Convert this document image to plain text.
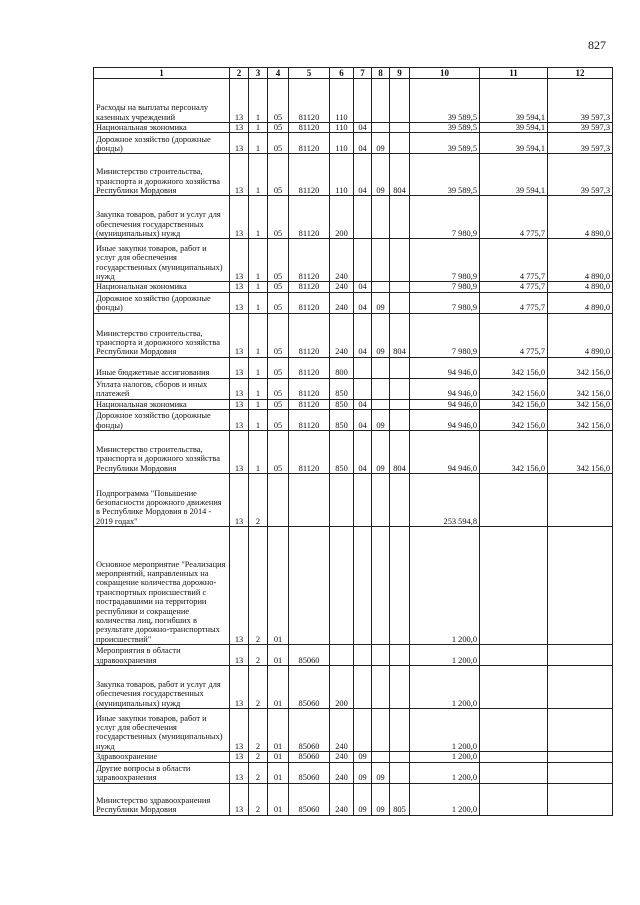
827
1	2	3	4	5	6	7	8	9	10	11	12
Расходы на выплаты персоналу казенных учреждений	13	1	05	81120	110				39 589,5	39 594,1	39 597,3
Национальная экономика	13	1	05	81120	110	04			39 589,5	39 594,1	39 597,3
Дорожное хозяйство (дорожные фонды)	13	1	05	81120	110	04	09		39 589,5	39 594,1	39 597,3
Министерство строительства, транспорта и дорожного хозяйства Республики Мордовия	13	1	05	81120	110	04	09	804	39 589,5	39 594,1	39 597,3
Закупка товаров, работ и услуг для обеспечения государственных (муниципальных) нужд	13	1	05	81120	200				7 980,9	4 775,7	4 890,0
Иные закупки товаров, работ и услуг для обеспечения государственных (муниципальных) нужд	13	1	05	81120	240				7 980,9	4 775,7	4 890,0
Национальная экономика	13	1	05	81120	240	04			7 980,9	4 775,7	4 890,0
Дорожное хозяйство (дорожные фонды)	13	1	05	81120	240	04	09		7 980,9	4 775,7	4 890,0
Министерство строительства, транспорта и дорожного хозяйства Республики Мордовия	13	1	05	81120	240	04	09	804	7 980,9	4 775,7	4 890,0
Иные бюджетные ассигнования	13	1	05	81120	800				94 946,0	342 156,0	342 156,0
Уплата налогов, сборов и иных платежей	13	1	05	81120	850				94 946,0	342 156,0	342 156,0
Национальная экономика	13	1	05	81120	850	04			94 946,0	342 156,0	342 156,0
Дорожное хозяйство (дорожные фонды)	13	1	05	81120	850	04	09		94 946,0	342 156,0	342 156,0
Министерство строительства, транспорта и дорожного хозяйства Республики Мордовия	13	1	05	81120	850	04	09	804	94 946,0	342 156,0	342 156,0
Подпрограмма "Повышение безопасности дорожного движения в Республике Мордовия в 2014 - 2019 годах"	13	2							253 594,8		
Основное мероприятие "Реализация мероприятий, направленных на сокращение количества дорожно-транспортных происшествий с пострадавшими на территории республики и сокращение количества лиц, погибших в результате дорожно-транспортных происшествий"	13	2	01						1 200,0		
Мероприятия в области здравоохранения	13	2	01	85060					1 200,0		
Закупка товаров, работ и услуг для обеспечения государственных (муниципальных) нужд	13	2	01	85060	200				1 200,0		
Иные закупки товаров, работ и услуг для обеспечения государственных (муниципальных) нужд	13	2	01	85060	240				1 200,0		
Здравоохранение	13	2	01	85060	240	09			1 200,0		
Другие вопросы в области здравоохранения	13	2	01	85060	240	09	09		1 200,0		
Министерство здравоохранения Республики Мордовия	13	2	01	85060	240	09	09	805	1 200,0		
